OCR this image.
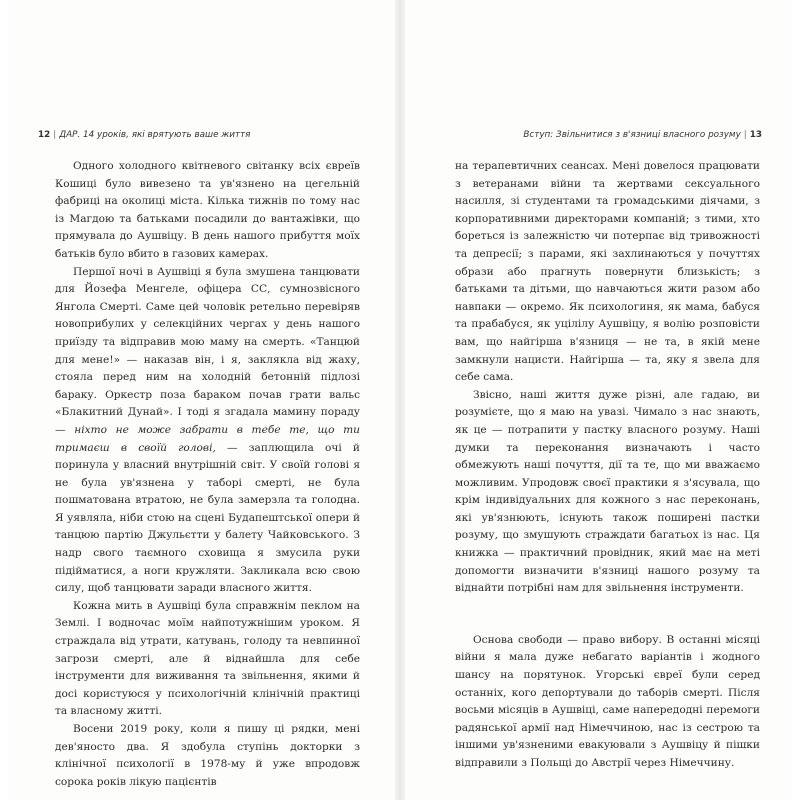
12 | ДАР. 14 уроків, які врятують ваше життя

Одного холодного квітневого світанку всіх євреїв Кошиці було вивезено та ув'язнено на цегельній фабриці на околиці міста. Кілька тижнів по тому нас із Магдою та батьками посадили до вантажівки, що прямувала до Аушвіцу. В день нашого прибуття моїх батьків було вбито в газових камерах.

Першої ночі в Аушвіці я була змушена танцювати для Йозефа Менгеле, офіцера СС, сумнозвісного Янгола Смерті. Саме цей чоловік ретельно перевіряв новоприбулих у селекційних чергах у день нашого приїзду та відправив мою маму на смерть. «Танцюй для мене!» — наказав він, і я, заклякла від жаху, стояла перед ним на холодній бетонній підлозі бараку. Оркестр поза бараком почав грати вальс «Блакитний Дунай». І тоді я згадала мамину пораду — ніхто не може забрати в тебе те, що ти тримаєш в своїй голові, — заплющила очі й поринула у власний внутрішній світ. У своїй голові я не була ув'язнена у таборі смерті, не була пошматована втратою, не була замерзла та голодна. Я уявляла, ніби стою на сцені Будапештської опери й танцюю партію Джульєтти у балету Чайковського. З надр свого таємного сховища я змусила руки підійматися, а ноги кружляти. Закликала всю свою силу, щоб танцювати заради власного життя.

Кожна мить в Аушвіці була справжнім пеклом на Землі. І водночас моїм найпотужнішим уроком. Я страждала від утрати, катувань, голоду та невпинної загрози смерті, але й віднайшла для себе інструменти для виживання та звільнення, якими й досі користуюся у психологічній клінічній практиці та власному житті.

Восени 2019 року, коли я пишу ці рядки, мені дев'яносто два. Я здобула ступінь докторки з клінічної психології в 1978-му й уже впродовж сорока років лікую пацієнтів

Вступ: Звільнитися з в'язниці власного розуму | 13

на терапевтичних сеансах. Мені довелося працювати з ветеранами війни та жертвами сексуального насилля, зі студентами та громадськими діячами, з корпоративними директорами компаній; з тими, хто бореться із залежністю чи потерпає від тривожності та депресії; з парами, які захлинаються у почуттях образи або прагнуть повернути близькість; з батьками та дітьми, що навчаються жити разом або навпаки — окремо. Як психологиня, як мама, бабуся та прабабуся, як уцілілу Аушвіцу, я волію розповісти вам, що найгірша в'язниця — не та, в якій мене замкнули нацисти. Найгірша — та, яку я звела для себе сама.

Звісно, наші життя дуже різні, але гадаю, ви розумієте, що я маю на увазі. Чимало з нас знають, як це — потрапити у пастку власного розуму. Наші думки та переконання визначають і часто обмежують наші почуття, дії та те, що ми вважаємо можливим. Упродовж своєї практики я з'ясувала, що крім індивідуальних для кожного з нас переконань, які ув'язнюють, існують також поширені пастки розуму, що змушують страждати багатьох із нас. Ця книжка — практичний провідник, який має на меті допомогти визначити в'язниці нашого розуму та віднайти потрібні нам для звільнення інструменти.

Основа свободи — право вибору. В останні місяці війни я мала дуже небагато варіантів і жодного шансу на порятунок. Угорські євреї були серед останніх, кого депортували до таборів смерті. Після восьми місяців в Аушвіці, саме напередодні перемоги радянської армії над Німеччиною, нас із сестрою та іншими ув'язненими евакуювали з Аушвіцу й пішки відправили з Польщі до Австрії через Німеччину.
